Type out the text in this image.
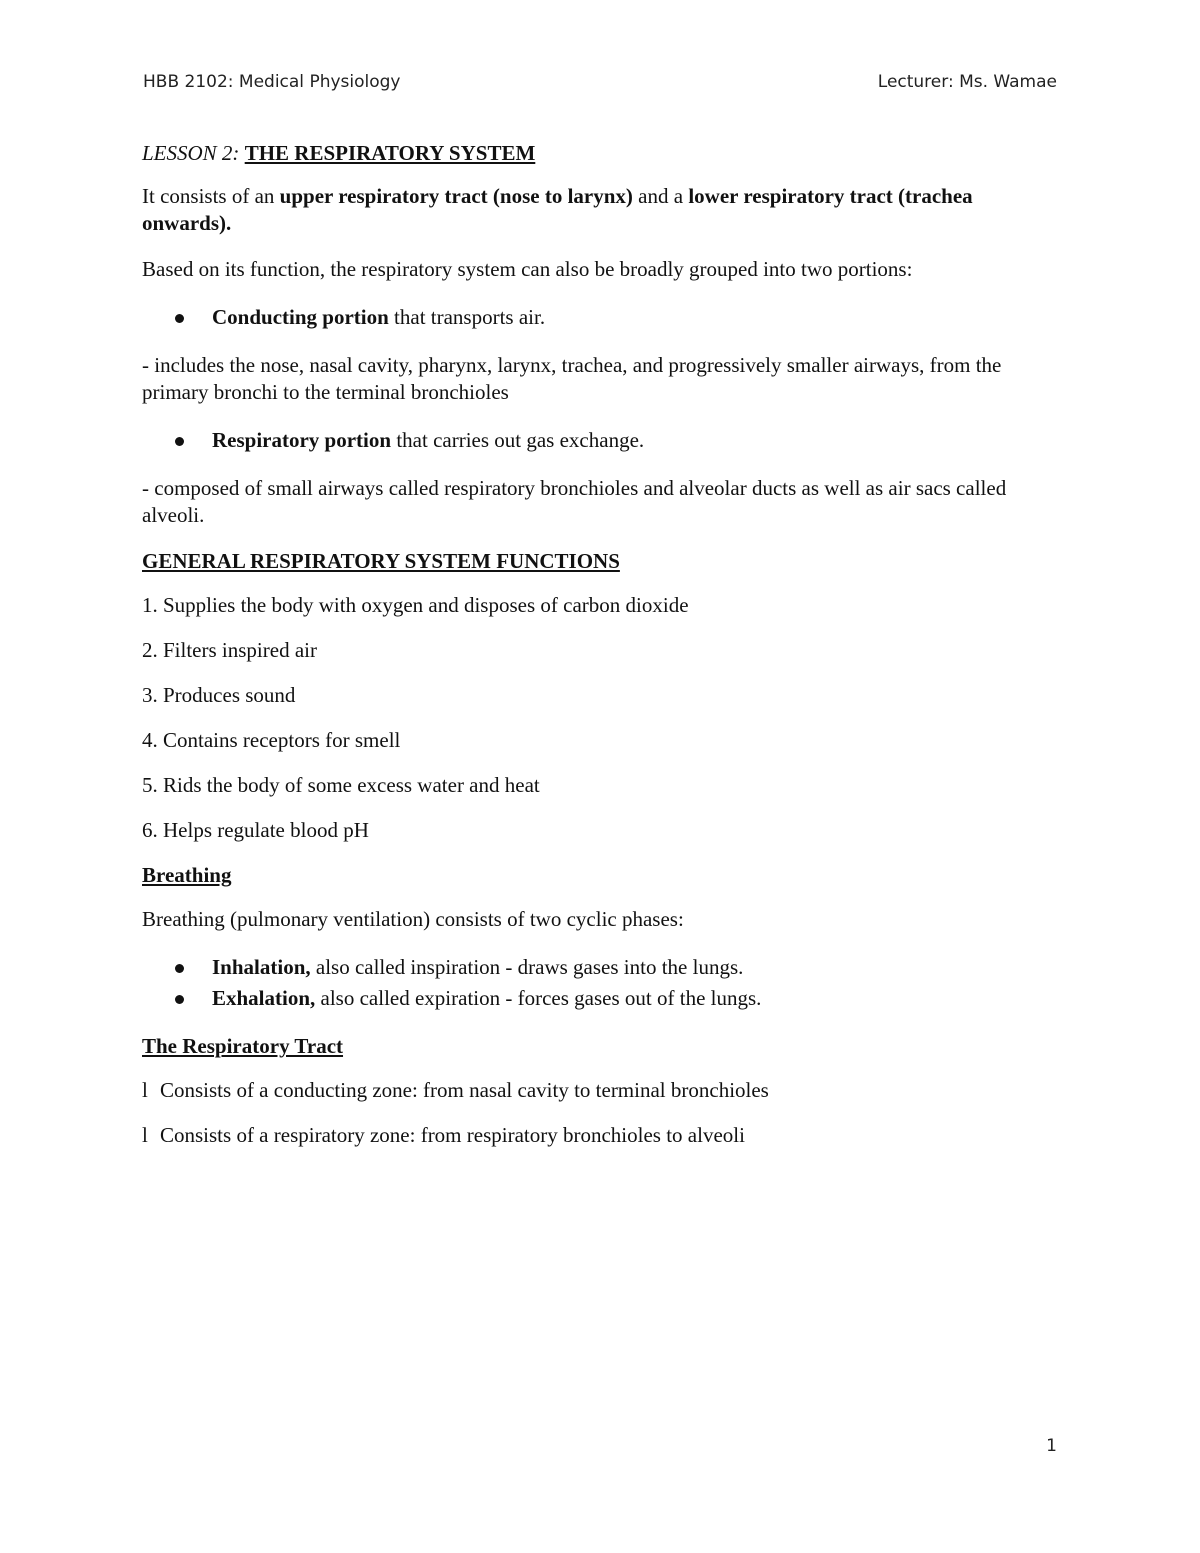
HBB 2102: Medical Physiology	Lecturer: Ms. Wamae

LESSON 2: THE RESPIRATORY SYSTEM

It consists of an upper respiratory tract (nose to larynx) and a lower respiratory tract (trachea onwards).

Based on its function, the respiratory system can also be broadly grouped into two portions:

Conducting portion that transports air.

- includes the nose, nasal cavity, pharynx, larynx, trachea, and progressively smaller airways, from the primary bronchi to the terminal bronchioles

Respiratory portion that carries out gas exchange.

- composed of small airways called respiratory bronchioles and alveolar ducts as well as air sacs called alveoli.

GENERAL RESPIRATORY SYSTEM FUNCTIONS

1. Supplies the body with oxygen and disposes of carbon dioxide

2. Filters inspired air

3. Produces sound

4. Contains receptors for smell

5. Rids the body of some excess water and heat

6. Helps regulate blood pH

Breathing

Breathing (pulmonary ventilation) consists of two cyclic phases:

Inhalation, also called inspiration - draws gases into the lungs.
Exhalation, also called expiration - forces gases out of the lungs.

The Respiratory Tract

l Consists of a conducting zone: from nasal cavity to terminal bronchioles

l Consists of a respiratory zone: from respiratory bronchioles to alveoli

1
